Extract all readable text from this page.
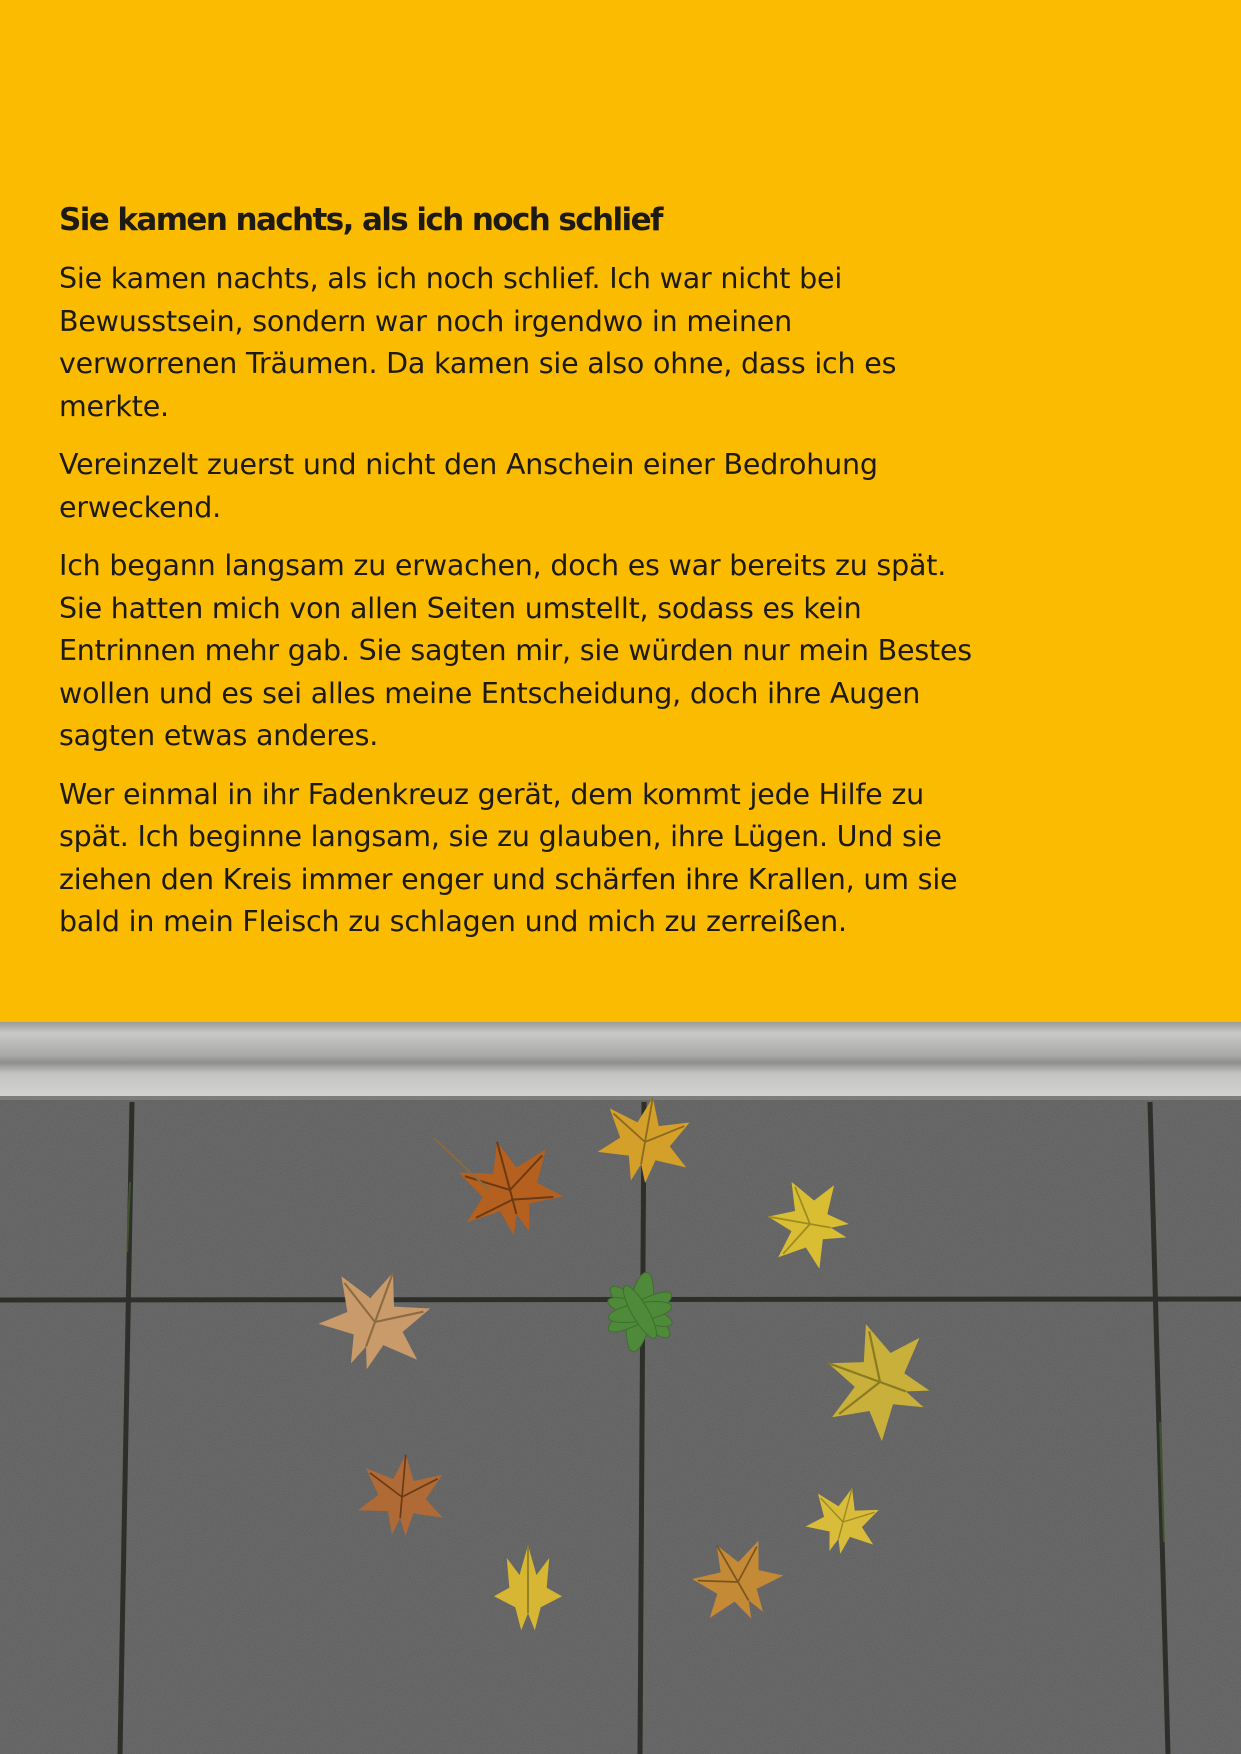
Sie kamen nachts, als ich noch schlief

Sie kamen nachts, als ich noch schlief. Ich war nicht bei Bewusstsein, sondern war noch irgendwo in meinen verworrenen Träumen. Da kamen sie also ohne, dass ich es merkte.

Vereinzelt zuerst und nicht den Anschein einer Bedrohung erweckend.

Ich begann langsam zu erwachen, doch es war bereits zu spät. Sie hatten mich von allen Seiten umstellt, sodass es kein Entrinnen mehr gab. Sie sagten mir, sie würden nur mein Bestes wollen und es sei alles meine Entscheidung, doch ihre Augen sagten etwas anderes.

Wer einmal in ihr Fadenkreuz gerät, dem kommt jede Hilfe zu spät. Ich beginne langsam, sie zu glauben, ihre Lügen. Und sie ziehen den Kreis immer enger und schärfen ihre Krallen, um sie bald in mein Fleisch zu schlagen und mich zu zerreißen.
